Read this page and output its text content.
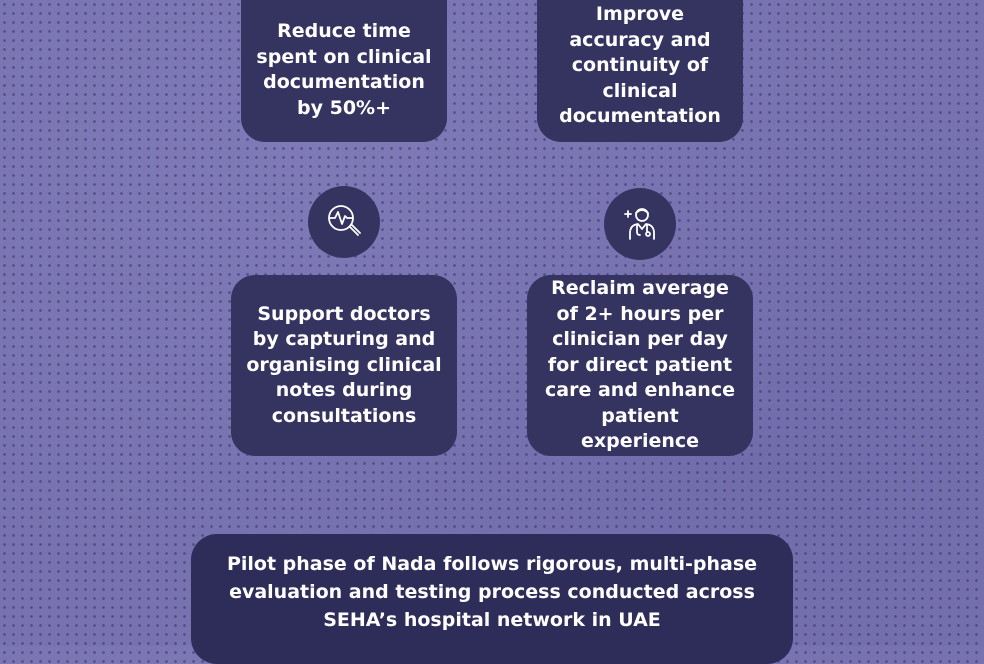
Reduce time spent on clinical documentation by 50%+
Improve accuracy and continuity of clinical documentation
Support doctors by capturing and organising clinical notes during consultations
Reclaim average of 2+ hours per clinician per day for direct patient care and enhance patient experience
Pilot phase of Nada follows rigorous, multi-phase evaluation and testing process conducted across SEHA’s hospital network in UAE
